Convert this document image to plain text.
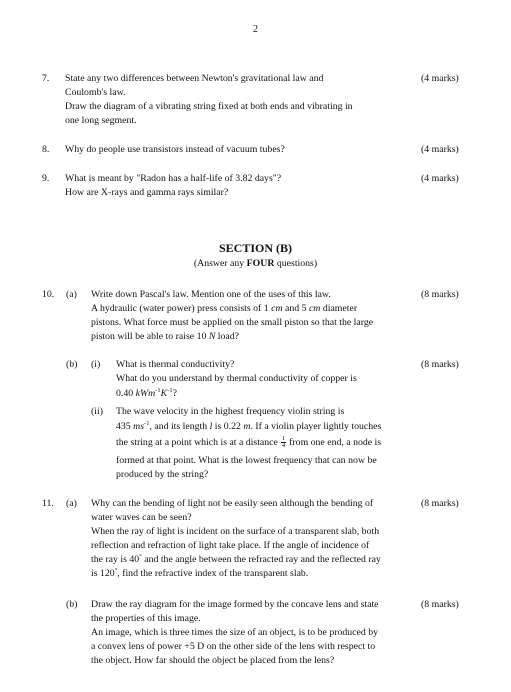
2
7. State any two differences between Newton's gravitational law and
Coulomb's law.
Draw the diagram of a vibrating string fixed at both ends and vibrating in
one long segment.
(4 marks)
8. Why do people use transistors instead of vacuum tubes?	(4 marks)
9. What is meant by "Radon has a half-life of 3.82 days"?
How are X-rays and gamma rays similar?
(4 marks)
SECTION (B)
(Answer any FOUR questions)
10. (a) Write down Pascal's law. Mention one of the uses of this law.
A hydraulic (water power) press consists of 1 cm and 5 cm diameter
pistons. What force must be applied on the small piston so that the large
piston will be able to raise 10 N load?
(8 marks)
(b) (i) What is thermal conductivity?
What do you understand by thermal conductivity of copper is
0.40 $kWm^{-1}K^{-1}$?
(8 marks)
(ii) The wave velocity in the highest frequency violin string is
435 $ms^{-1}$, and its length l is 0.22 m. If a violin player lightly touches
the string at a point which is at a distance $\frac{1}{4}$ from one end, a node is
formed at that point. What is the lowest frequency that can now be
produced by the string?
11. (a) Why can the bending of light not be easily seen although the bending of
water waves can be seen?
When the ray of light is incident on the surface of a transparent slab, both
reflection and refraction of light take place. If the angle of incidence of
the ray is 40° and the angle between the refracted ray and the reflected ray
is 120°, find the refractive index of the transparent slab.
(8 marks)
(b) Draw the ray diagram for the image formed by the concave lens and state
the properties of this image.
An image, which is three times the size of an object, is to be produced by
a convex lens of power +5 D on the other side of the lens with respect to
the object. How far should the object be placed from the lens?
(8 marks)
